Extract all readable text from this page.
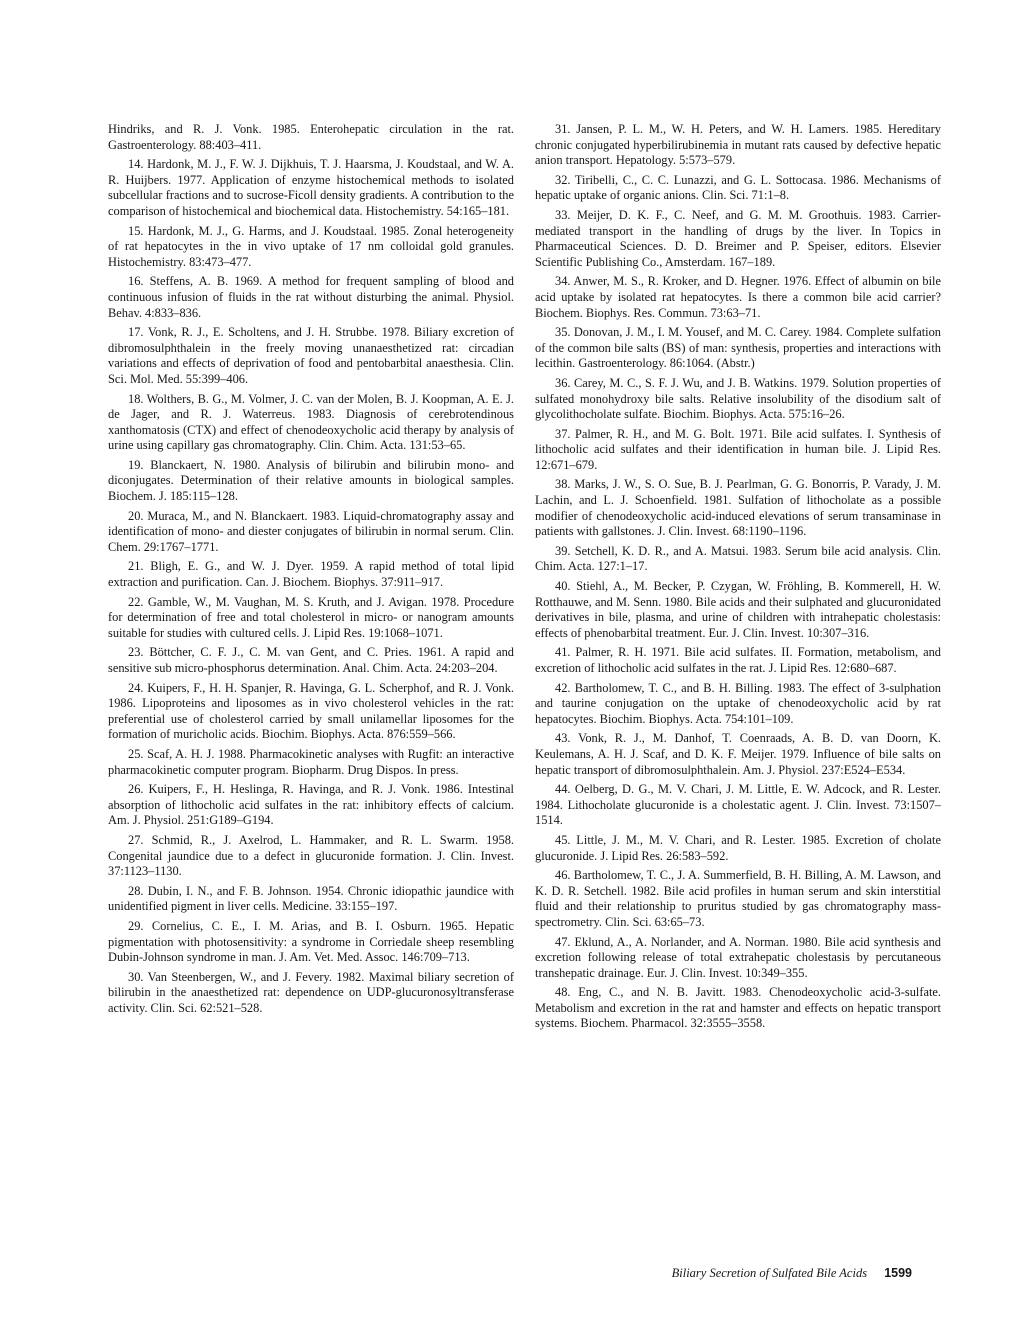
Hindriks, and R. J. Vonk. 1985. Enterohepatic circulation in the rat. Gastroenterology. 88:403–411.

14. Hardonk, M. J., F. W. J. Dijkhuis, T. J. Haarsma, J. Koudstaal, and W. A. R. Huijbers. 1977. Application of enzyme histochemical methods to isolated subcellular fractions and to sucrose-Ficoll density gradients. A contribution to the comparison of histochemical and biochemical data. Histochemistry. 54:165–181.

15. Hardonk, M. J., G. Harms, and J. Koudstaal. 1985. Zonal heterogeneity of rat hepatocytes in the in vivo uptake of 17 nm colloidal gold granules. Histochemistry. 83:473–477.

16. Steffens, A. B. 1969. A method for frequent sampling of blood and continuous infusion of fluids in the rat without disturbing the animal. Physiol. Behav. 4:833–836.

17. Vonk, R. J., E. Scholtens, and J. H. Strubbe. 1978. Biliary excretion of dibromosulphthalein in the freely moving unanaesthetized rat: circadian variations and effects of deprivation of food and pentobarbital anaesthesia. Clin. Sci. Mol. Med. 55:399–406.

18. Wolthers, B. G., M. Volmer, J. C. van der Molen, B. J. Koopman, A. E. J. de Jager, and R. J. Waterreus. 1983. Diagnosis of cerebrotendinous xanthomatosis (CTX) and effect of chenodeoxycholic acid therapy by analysis of urine using capillary gas chromatography. Clin. Chim. Acta. 131:53–65.

19. Blanckaert, N. 1980. Analysis of bilirubin and bilirubin mono- and diconjugates. Determination of their relative amounts in biological samples. Biochem. J. 185:115–128.

20. Muraca, M., and N. Blanckaert. 1983. Liquid-chromatography assay and identification of mono- and diester conjugates of bilirubin in normal serum. Clin. Chem. 29:1767–1771.

21. Bligh, E. G., and W. J. Dyer. 1959. A rapid method of total lipid extraction and purification. Can. J. Biochem. Biophys. 37:911–917.

22. Gamble, W., M. Vaughan, M. S. Kruth, and J. Avigan. 1978. Procedure for determination of free and total cholesterol in micro- or nanogram amounts suitable for studies with cultured cells. J. Lipid Res. 19:1068–1071.

23. Böttcher, C. F. J., C. M. van Gent, and C. Pries. 1961. A rapid and sensitive sub micro-phosphorus determination. Anal. Chim. Acta. 24:203–204.

24. Kuipers, F., H. H. Spanjer, R. Havinga, G. L. Scherphof, and R. J. Vonk. 1986. Lipoproteins and liposomes as in vivo cholesterol vehicles in the rat: preferential use of cholesterol carried by small unilamellar liposomes for the formation of muricholic acids. Biochim. Biophys. Acta. 876:559–566.

25. Scaf, A. H. J. 1988. Pharmacokinetic analyses with Rugfit: an interactive pharmacokinetic computer program. Biopharm. Drug Dispos. In press.

26. Kuipers, F., H. Heslinga, R. Havinga, and R. J. Vonk. 1986. Intestinal absorption of lithocholic acid sulfates in the rat: inhibitory effects of calcium. Am. J. Physiol. 251:G189–G194.

27. Schmid, R., J. Axelrod, L. Hammaker, and R. L. Swarm. 1958. Congenital jaundice due to a defect in glucuronide formation. J. Clin. Invest. 37:1123–1130.

28. Dubin, I. N., and F. B. Johnson. 1954. Chronic idiopathic jaundice with unidentified pigment in liver cells. Medicine. 33:155–197.

29. Cornelius, C. E., I. M. Arias, and B. I. Osburn. 1965. Hepatic pigmentation with photosensitivity: a syndrome in Corriedale sheep resembling Dubin-Johnson syndrome in man. J. Am. Vet. Med. Assoc. 146:709–713.

30. Van Steenbergen, W., and J. Fevery. 1982. Maximal biliary secretion of bilirubin in the anaesthetized rat: dependence on UDP-glucuronosyltransferase activity. Clin. Sci. 62:521–528.

31. Jansen, P. L. M., W. H. Peters, and W. H. Lamers. 1985. Hereditary chronic conjugated hyperbilirubinemia in mutant rats caused by defective hepatic anion transport. Hepatology. 5:573–579.

32. Tiribelli, C., C. C. Lunazzi, and G. L. Sottocasa. 1986. Mechanisms of hepatic uptake of organic anions. Clin. Sci. 71:1–8.

33. Meijer, D. K. F., C. Neef, and G. M. M. Groothuis. 1983. Carrier-mediated transport in the handling of drugs by the liver. In Topics in Pharmaceutical Sciences. D. D. Breimer and P. Speiser, editors. Elsevier Scientific Publishing Co., Amsterdam. 167–189.

34. Anwer, M. S., R. Kroker, and D. Hegner. 1976. Effect of albumin on bile acid uptake by isolated rat hepatocytes. Is there a common bile acid carrier? Biochem. Biophys. Res. Commun. 73:63–71.

35. Donovan, J. M., I. M. Yousef, and M. C. Carey. 1984. Complete sulfation of the common bile salts (BS) of man: synthesis, properties and interactions with lecithin. Gastroenterology. 86:1064. (Abstr.)

36. Carey, M. C., S. F. J. Wu, and J. B. Watkins. 1979. Solution properties of sulfated monohydroxy bile salts. Relative insolubility of the disodium salt of glycolithocholate sulfate. Biochim. Biophys. Acta. 575:16–26.

37. Palmer, R. H., and M. G. Bolt. 1971. Bile acid sulfates. I. Synthesis of lithocholic acid sulfates and their identification in human bile. J. Lipid Res. 12:671–679.

38. Marks, J. W., S. O. Sue, B. J. Pearlman, G. G. Bonorris, P. Varady, J. M. Lachin, and L. J. Schoenfield. 1981. Sulfation of lithocholate as a possible modifier of chenodeoxycholic acid-induced elevations of serum transaminase in patients with gallstones. J. Clin. Invest. 68:1190–1196.

39. Setchell, K. D. R., and A. Matsui. 1983. Serum bile acid analysis. Clin. Chim. Acta. 127:1–17.

40. Stiehl, A., M. Becker, P. Czygan, W. Fröhling, B. Kommerell, H. W. Rotthauwe, and M. Senn. 1980. Bile acids and their sulphated and glucuronidated derivatives in bile, plasma, and urine of children with intrahepatic cholestasis: effects of phenobarbital treatment. Eur. J. Clin. Invest. 10:307–316.

41. Palmer, R. H. 1971. Bile acid sulfates. II. Formation, metabolism, and excretion of lithocholic acid sulfates in the rat. J. Lipid Res. 12:680–687.

42. Bartholomew, T. C., and B. H. Billing. 1983. The effect of 3-sulphation and taurine conjugation on the uptake of chenodeoxycholic acid by rat hepatocytes. Biochim. Biophys. Acta. 754:101–109.

43. Vonk, R. J., M. Danhof, T. Coenraads, A. B. D. van Doorn, K. Keulemans, A. H. J. Scaf, and D. K. F. Meijer. 1979. Influence of bile salts on hepatic transport of dibromosulphthalein. Am. J. Physiol. 237:E524–E534.

44. Oelberg, D. G., M. V. Chari, J. M. Little, E. W. Adcock, and R. Lester. 1984. Lithocholate glucuronide is a cholestatic agent. J. Clin. Invest. 73:1507–1514.

45. Little, J. M., M. V. Chari, and R. Lester. 1985. Excretion of cholate glucuronide. J. Lipid Res. 26:583–592.

46. Bartholomew, T. C., J. A. Summerfield, B. H. Billing, A. M. Lawson, and K. D. R. Setchell. 1982. Bile acid profiles in human serum and skin interstitial fluid and their relationship to pruritus studied by gas chromatography mass-spectrometry. Clin. Sci. 63:65–73.

47. Eklund, A., A. Norlander, and A. Norman. 1980. Bile acid synthesis and excretion following release of total extrahepatic cholestasis by percutaneous transhepatic drainage. Eur. J. Clin. Invest. 10:349–355.

48. Eng, C., and N. B. Javitt. 1983. Chenodeoxycholic acid-3-sulfate. Metabolism and excretion in the rat and hamster and effects on hepatic transport systems. Biochem. Pharmacol. 32:3555–3558.

Biliary Secretion of Sulfated Bile Acids 1599
